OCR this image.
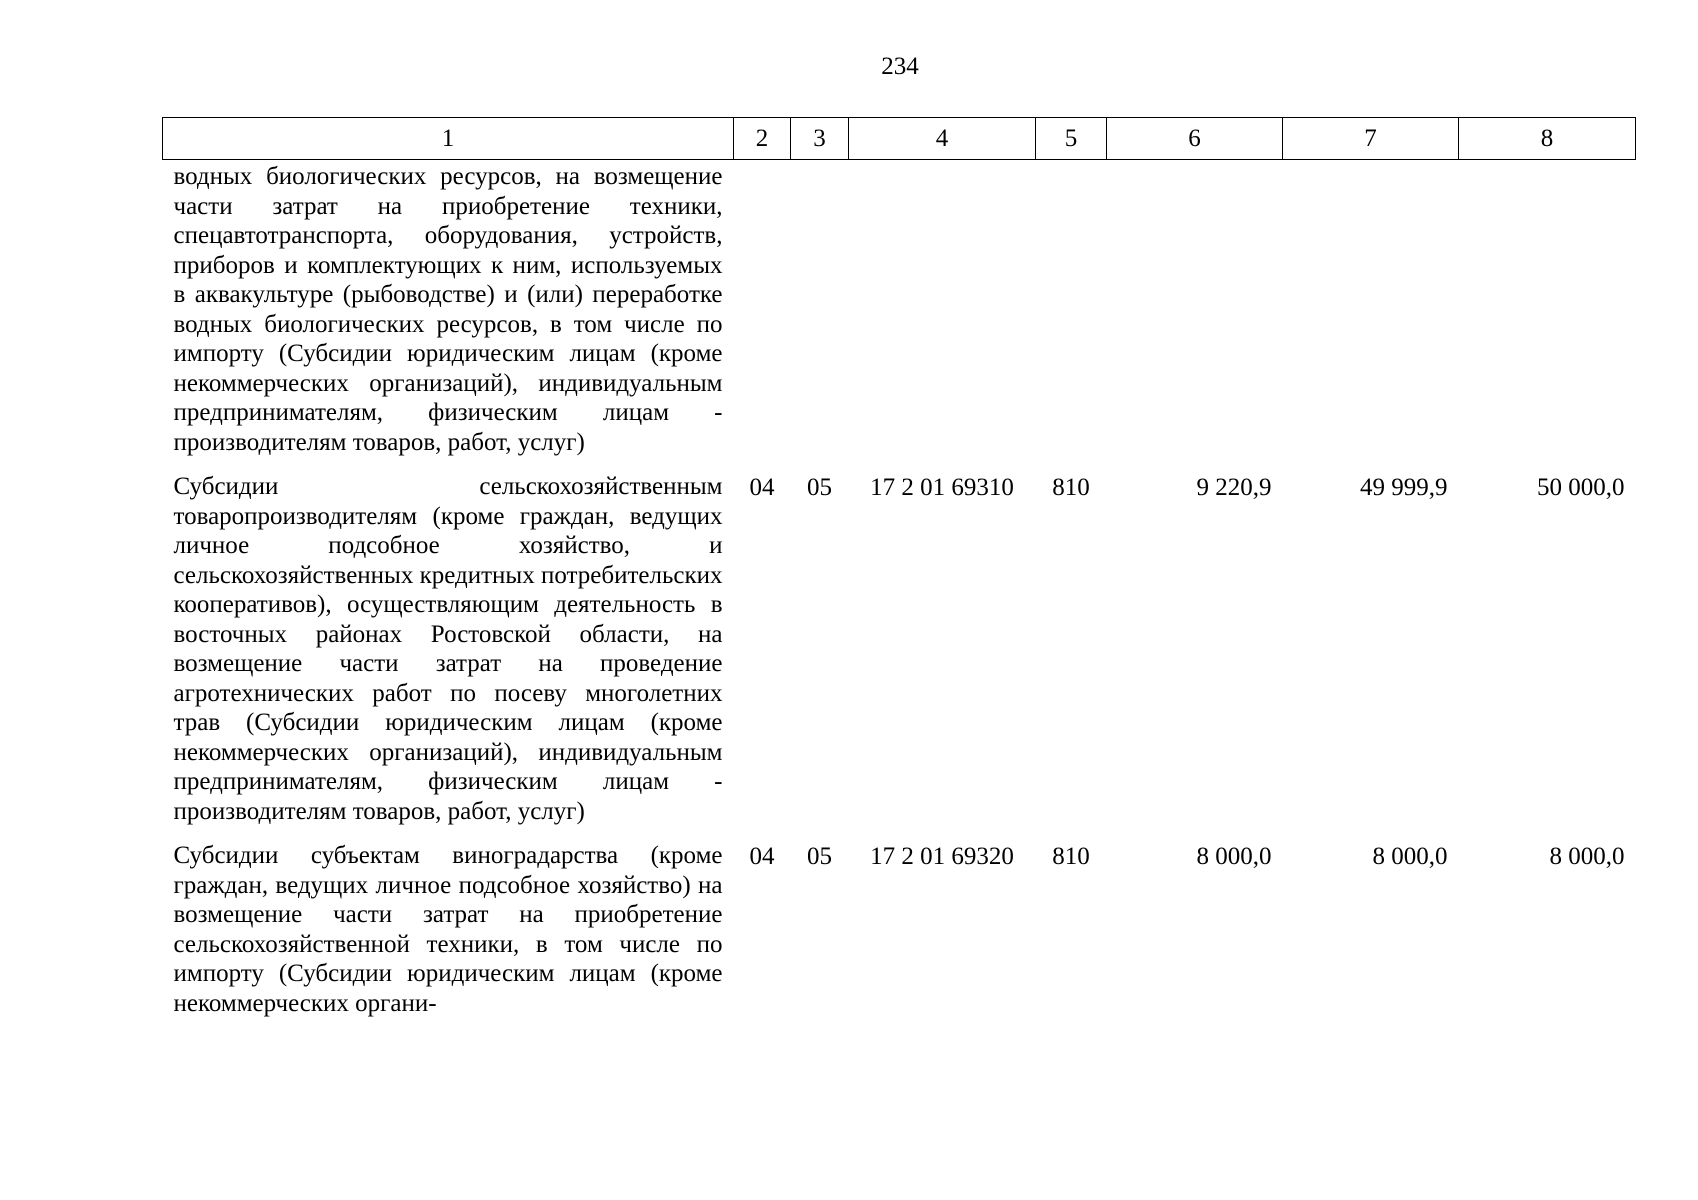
234
1	2	3	4	5	6	7	8
водных биологических ресурсов, на возмещение части затрат на приобретение техники, спецавтотранспорта, оборудования, устройств, приборов и комплектующих к ним, используемых в аквакультуре (рыбоводстве) и (или) переработке водных биологических ресурсов, в том числе по импорту (Субсидии юридическим лицам (кроме некоммерческих организаций), индивидуальным предпринимателям, физическим лицам - производителям товаров, работ, услуг)							
Субсидии сельскохозяйственным товаропроизводителям (кроме граждан, ведущих личное подсобное хозяйство, и сельскохозяйственных кредитных потребительских кооперативов), осуществляющим деятельность в восточных районах Ростовской области, на возмещение части затрат на проведение агротехнических работ по посеву многолетних трав (Субсидии юридическим лицам (кроме некоммерческих организаций), индивидуальным предпринимателям, физическим лицам - производителям товаров, работ, услуг)	04	05	17 2 01 69310	810	9 220,9	49 999,9	50 000,0
Субсидии субъектам виноградарства (кроме граждан, ведущих личное подсобное хозяйство) на возмещение части затрат на приобретение сельскохозяйственной техники, в том числе по импорту (Субсидии юридическим лицам (кроме некоммерческих органи-	04	05	17 2 01 69320	810	8 000,0	8 000,0	8 000,0
